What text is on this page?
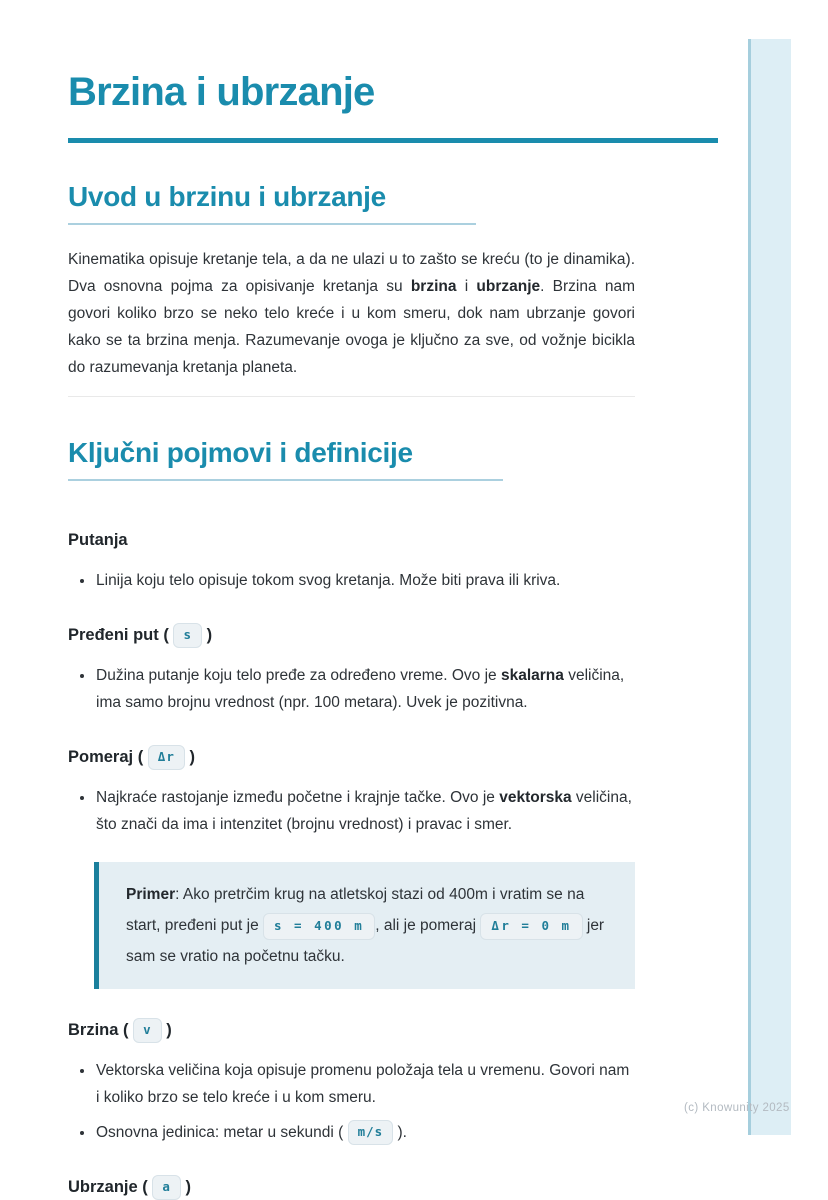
(c) Knowunity 2025
Brzina i ubrzanje
Uvod u brzinu i ubrzanje

Kinematika opisuje kretanje tela, a da ne ulazi u to zašto se kreću (to je dinamika). Dva osnovna pojma za opisivanje kretanja su brzina i ubrzanje. Brzina nam govori koliko brzo se neko telo kreće i u kom smeru, dok nam ubrzanje govori kako se ta brzina menja. Razumevanje ovoga je ključno za sve, od vožnje bicikla do razumevanja kretanja planeta.

Ključni pojmovi i definicije
Putanja
• Linija koju telo opisuje tokom svog kretanja. Može biti prava ili kriva.
Pređeni put ( s )
• Dužina putanje koju telo pređe za određeno vreme. Ovo je skalarna veličina, ima samo brojnu vrednost (npr. 100 metara). Uvek je pozitivna.
Pomeraj ( Δr )
• Najkraće rastojanje između početne i krajnje tačke. Ovo je vektorska veličina, što znači da ima i intenzitet (brojnu vrednost) i pravac i smer.

Primer: Ako pretrčim krug na atletskoj stazi od 400m i vratim se na start, pređeni put je s = 400 m , ali je pomeraj Δr = 0 m jer sam se vratio na početnu tačku.

Brzina ( v )
• Vektorska veličina koja opisuje promenu položaja tela u vremenu. Govori nam i koliko brzo se telo kreće i u kom smeru.
• Osnovna jedinica: metar u sekundi ( m/s ).
Ubrzanje ( a )
